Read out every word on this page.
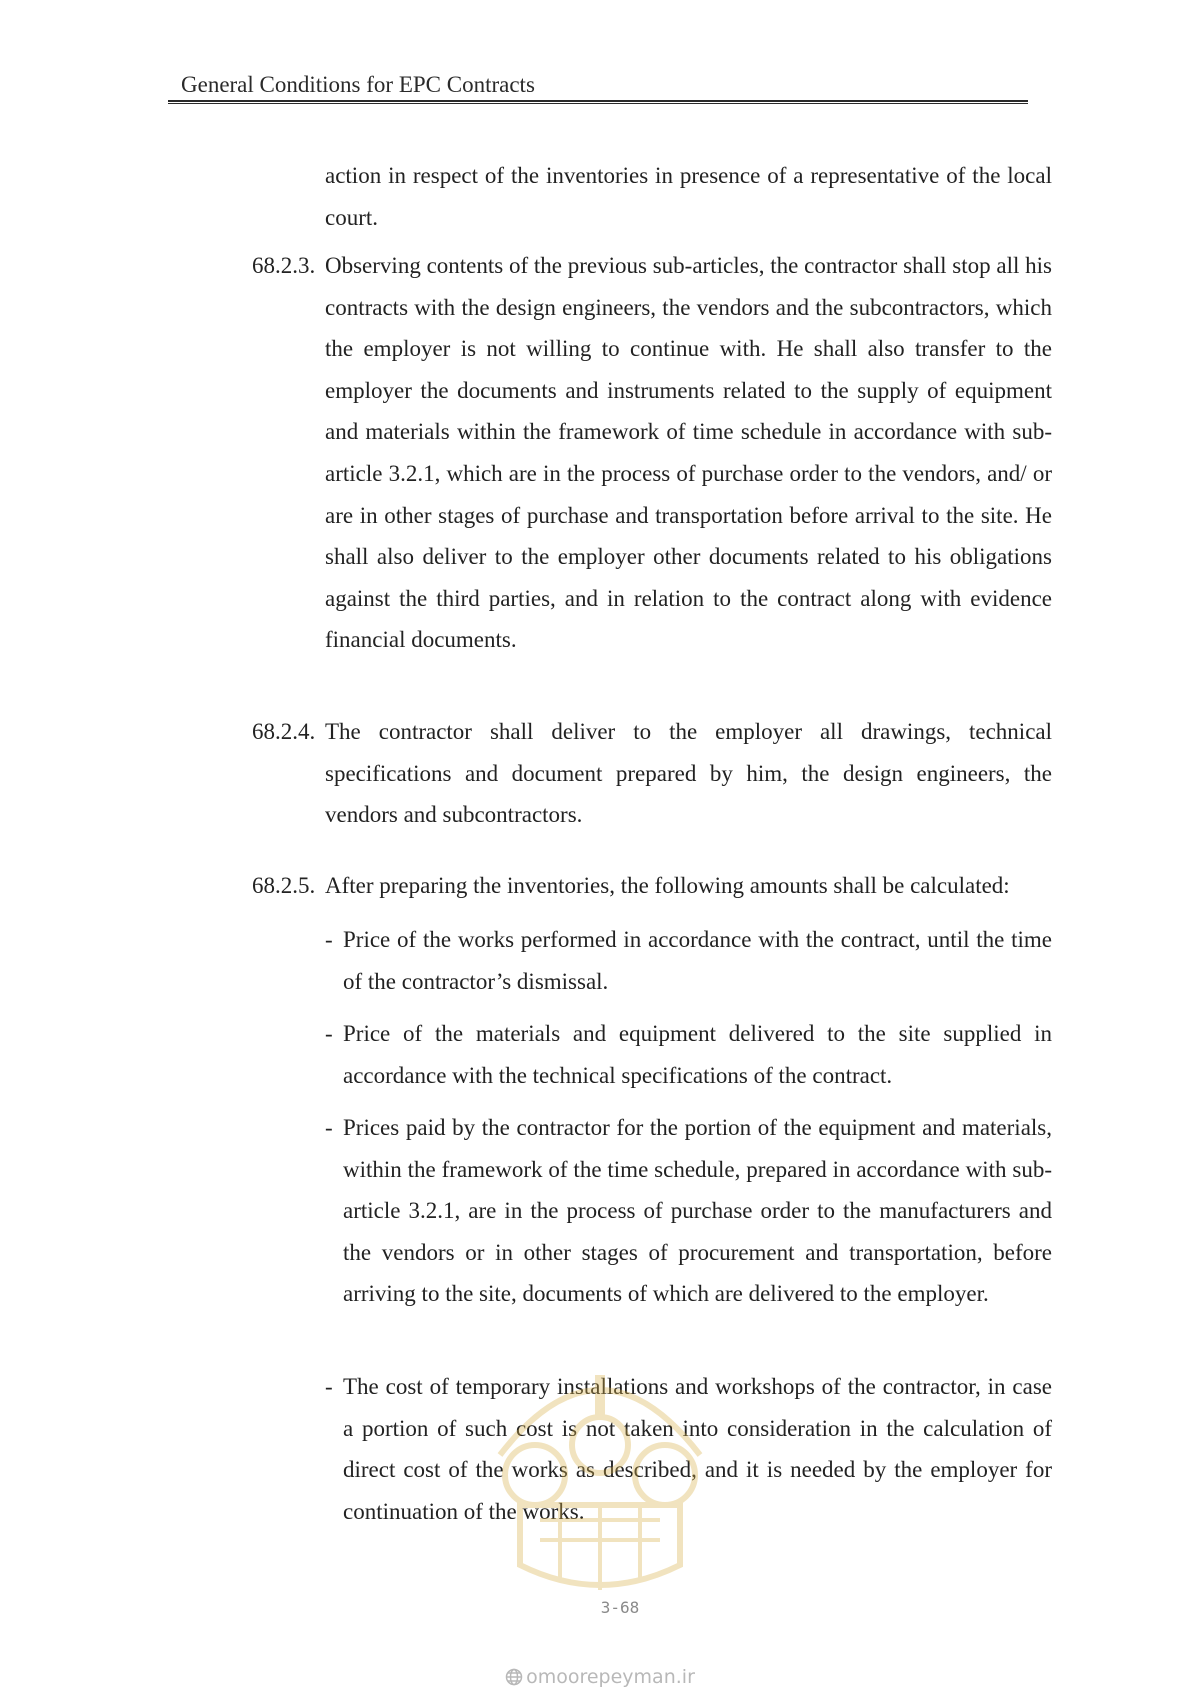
General Conditions for EPC Contracts
action in respect of the inventories in presence of a representative of the local court.
68.2.3. Observing contents of the previous sub-articles, the contractor shall stop all his contracts with the design engineers, the vendors and the subcontractors, which the employer is not willing to continue with. He shall also transfer to the employer the documents and instruments related to the supply of equipment and materials within the framework of time schedule in accordance with sub-article 3.2.1, which are in the process of purchase order to the vendors, and/ or are in other stages of purchase and transportation before arrival to the site. He shall also deliver to the employer other documents related to his obligations against the third parties, and in relation to the contract along with evidence financial documents.
68.2.4. The contractor shall deliver to the employer all drawings, technical specifications and document prepared by him, the design engineers, the vendors and subcontractors.
68.2.5. After preparing the inventories, the following amounts shall be calculated:
- Price of the works performed in accordance with the contract, until the time of the contractor’s dismissal.
- Price of the materials and equipment delivered to the site supplied in accordance with the technical specifications of the contract.
- Prices paid by the contractor for the portion of the equipment and materials, within the framework of the time schedule, prepared in accordance with sub-article 3.2.1, are in the process of purchase order to the manufacturers and the vendors or in other stages of procurement and transportation, before arriving to the site, documents of which are delivered to the employer.
- The cost of temporary installations and workshops of the contractor, in case a portion of such cost is not taken into consideration in the calculation of direct cost of the works as described, and it is needed by the employer for continuation of the works.
3-68
omoorepeyman.ir
